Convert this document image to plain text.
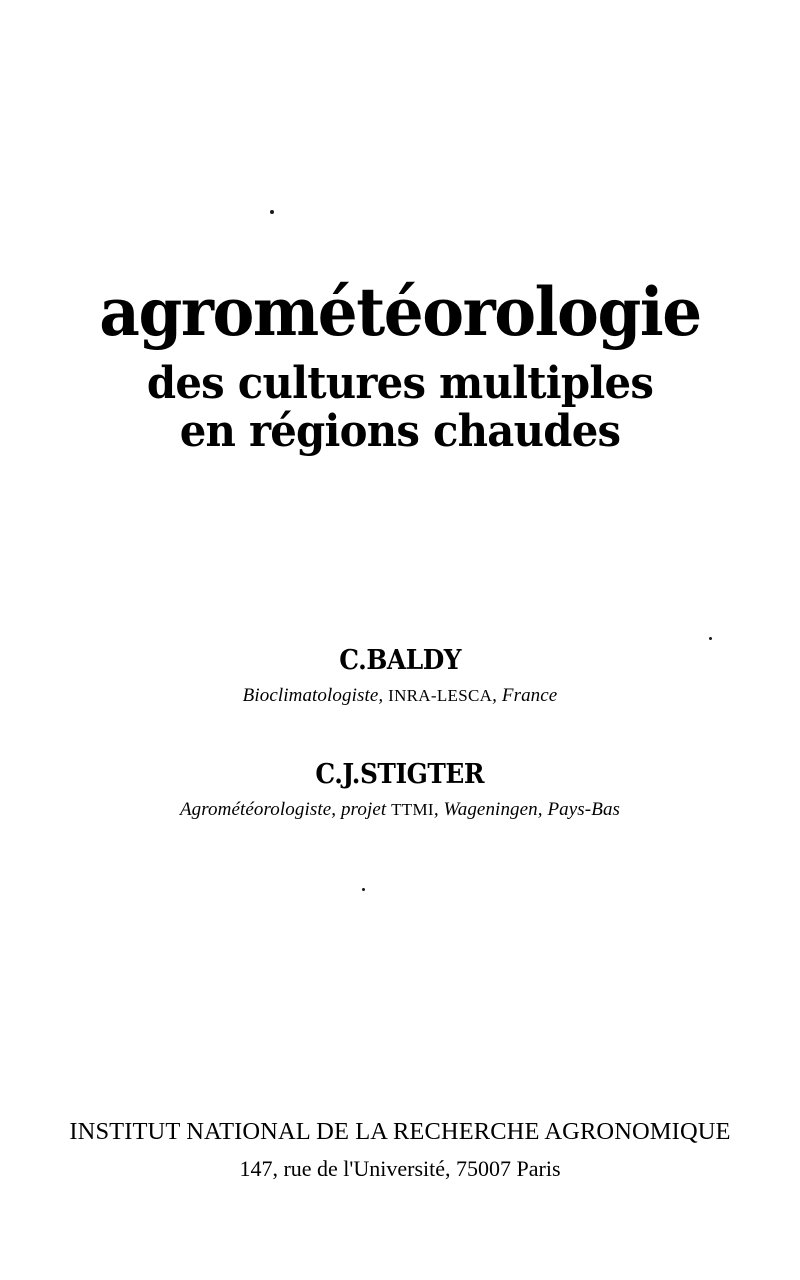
agrométéorologie
des cultures multiples
en régions chaudes
C.BALDY
Bioclimatologiste, INRA-LESCA, France
C.J.STIGTER
Agrométéorologiste, projet TTMI, Wageningen, Pays-Bas
INSTITUT NATIONAL DE LA RECHERCHE AGRONOMIQUE
147, rue de l'Université, 75007 Paris
